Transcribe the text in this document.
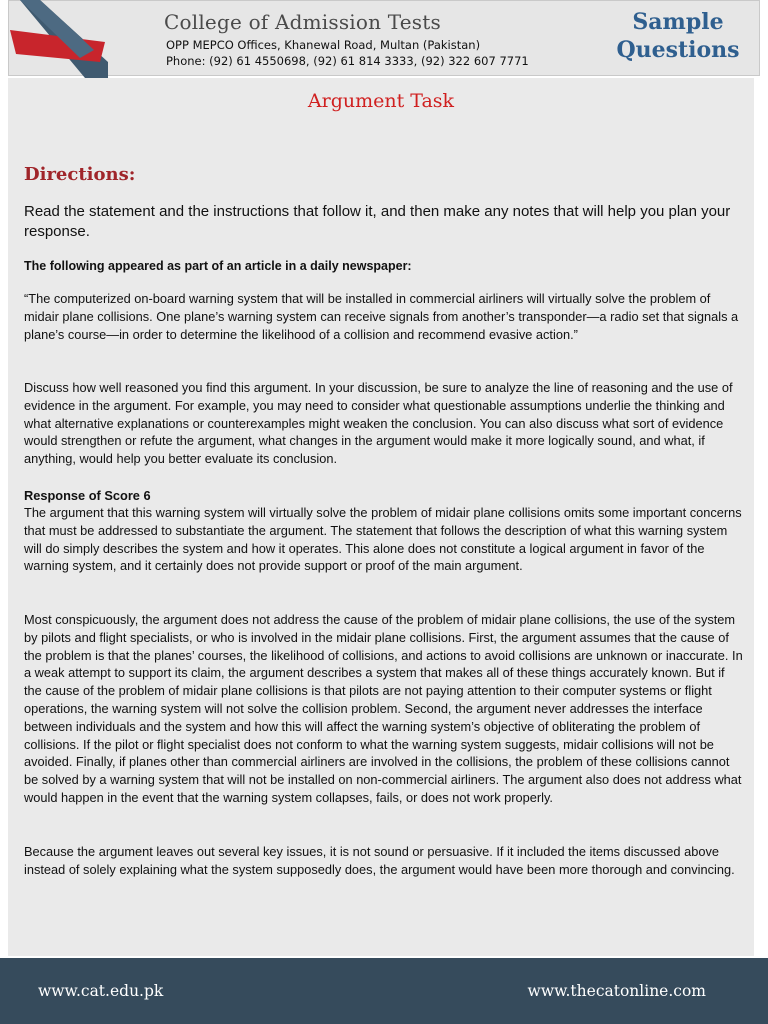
College of Admission Tests
OPP MEPCO Offices, Khanewal Road, Multan (Pakistan)
Phone: (92) 61 4550698, (92) 61 814 3333, (92) 322 607 7771
Sample
Questions
Argument Task
Directions:
Read the statement and the instructions that follow it, and then make any notes that will help you plan your response.
The following appeared as part of an article in a daily newspaper:

“The computerized on-board warning system that will be installed in commercial airliners will virtually solve the problem of midair plane collisions. One plane’s warning system can receive signals from another’s transponder—a radio set that signals a plane’s course—in order to determine the likelihood of a collision and recommend evasive action.”

Discuss how well reasoned you find this argument. In your discussion, be sure to analyze the line of reasoning and the use of evidence in the argument. For example, you may need to consider what questionable assumptions underlie the thinking and what alternative explanations or counterexamples might weaken the conclusion. You can also discuss what sort of evidence would strengthen or refute the argument, what changes in the argument would make it more logically sound, and what, if anything, would help you better evaluate its conclusion.

Response of Score 6

The argument that this warning system will virtually solve the problem of midair plane collisions omits some important concerns that must be addressed to substantiate the argument. The statement that follows the description of what this warning system will do simply describes the system and how it operates. This alone does not constitute a logical argument in favor of the warning system, and it certainly does not provide support or proof of the main argument.

Most conspicuously, the argument does not address the cause of the problem of midair plane collisions, the use of the system by pilots and flight specialists, or who is involved in the midair plane collisions. First, the argument assumes that the cause of the problem is that the planes’ courses, the likelihood of collisions, and actions to avoid collisions are unknown or inaccurate. In a weak attempt to support its claim, the argument describes a system that makes all of these things accurately known. But if the cause of the problem of midair plane collisions is that pilots are not paying attention to their computer systems or flight operations, the warning system will not solve the collision problem. Second, the argument never addresses the interface between individuals and the system and how this will affect the warning system’s objective of obliterating the problem of collisions. If the pilot or flight specialist does not conform to what the warning system suggests, midair collisions will not be avoided. Finally, if planes other than commercial airliners are involved in the collisions, the problem of these collisions cannot be solved by a warning system that will not be installed on non-commercial airliners. The argument also does not address what would happen in the event that the warning system collapses, fails, or does not work properly.

Because the argument leaves out several key issues, it is not sound or persuasive. If it included the items discussed above instead of solely explaining what the system supposedly does, the argument would have been more thorough and convincing.

www.cat.edu.pk	www.thecatonline.com
